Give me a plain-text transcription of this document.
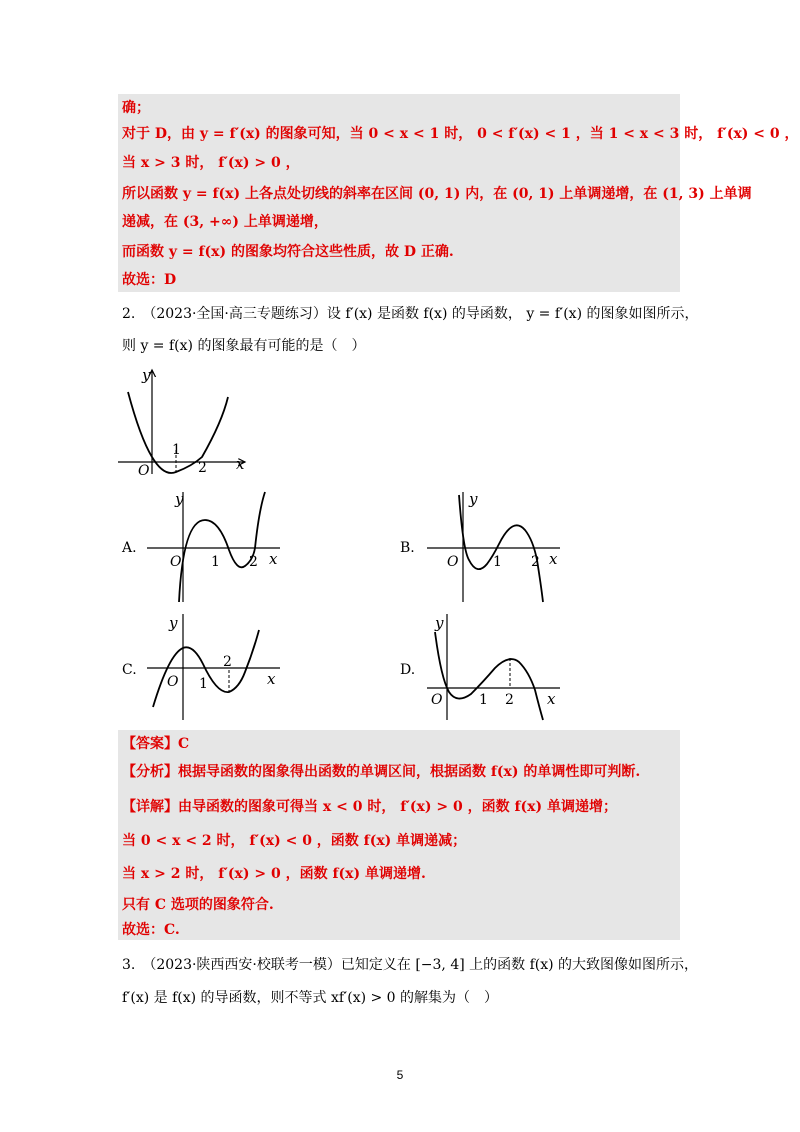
确；
对于 D，由 y = f′(x) 的图象可知，当 0 < x < 1 时， 0 < f′(x) < 1 ，当 1 < x < 3 时， f′(x) < 0 ，
当 x > 3 时， f′(x) > 0 ，
所以函数 y = f(x) 上各点处切线的斜率在区间 (0, 1) 内，在 (0, 1) 上单调递增，在 (1, 3) 上单调
递减，在 (3, +∞) 上单调递增，
而函数 y = f(x) 的图象均符合这些性质，故 D 正确.
故选：D
2.　（2023·全国·高三专题练习）设 f′(x) 是函数 f(x) 的导函数， y = f′(x) 的图象如图所示，
则 y = f(x) 的图象最有可能的是（　）
y
x
O
1
2
A.
y
x
O 1 2
B.
y
x
O 1 2
C.
y
x
O 1
2	D.
y
x
O	1 2
【答案】C
【分析】根据导函数的图象得出函数的单调区间，根据函数 f(x) 的单调性即可判断.
【详解】由导函数的图象可得当 x < 0 时， f′(x) > 0 ，函数 f(x) 单调递增；
当 0 < x < 2 时， f′(x) < 0 ，函数 f(x) 单调递减；
当 x > 2 时， f′(x) > 0 ，函数 f(x) 单调递增.
只有 C 选项的图象符合.
故选：C.
3.　（2023·陕西西安·校联考一模）已知定义在 [−3, 4] 上的函数 f(x) 的大致图像如图所示，
f′(x) 是 f(x) 的导函数，则不等式 xf′(x) > 0 的解集为（　）
5
